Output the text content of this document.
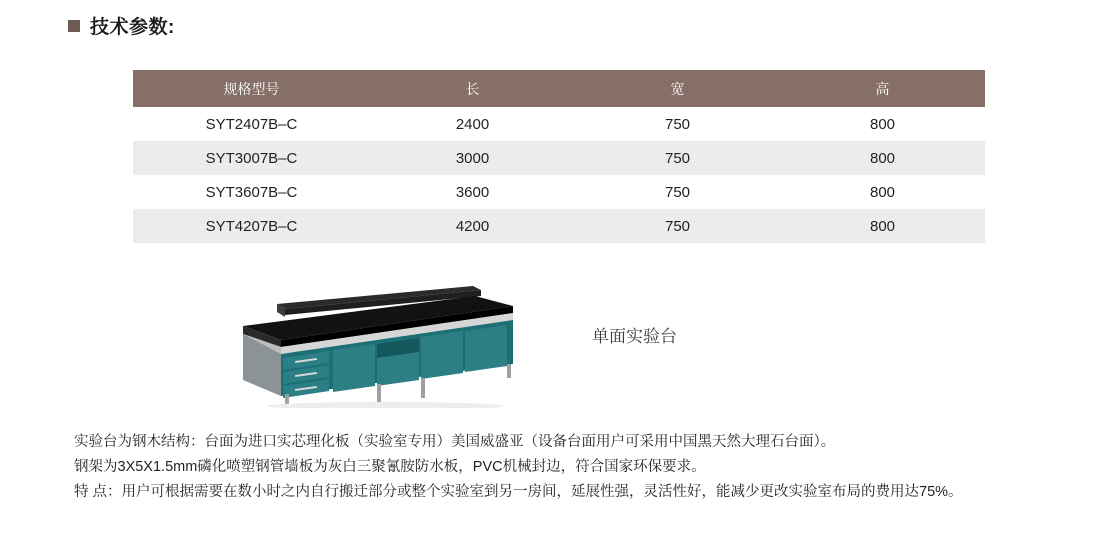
技术参数:
规格型号	长	宽	高
SYT2407B–C	2400	750	800
SYT3007B–C	3000	750	800
SYT3607B–C	3600	750	800
SYT4207B–C	4200	750	800
单面实验台

实验台为钢木结构：台面为进口实芯理化板（实验室专用）美国威盛亚（设备台面用户可采用中国黑天然大理石台面）。

钢架为3X5X1.5mm磷化喷塑钢管墙板为灰白三聚氰胺防水板，PVC机械封边，符合国家环保要求。

特 点：用户可根据需要在数小时之内自行搬迁部分或整个实验室到另一房间，延展性强，灵活性好，能减少更改实验室布局的费用达75%。
